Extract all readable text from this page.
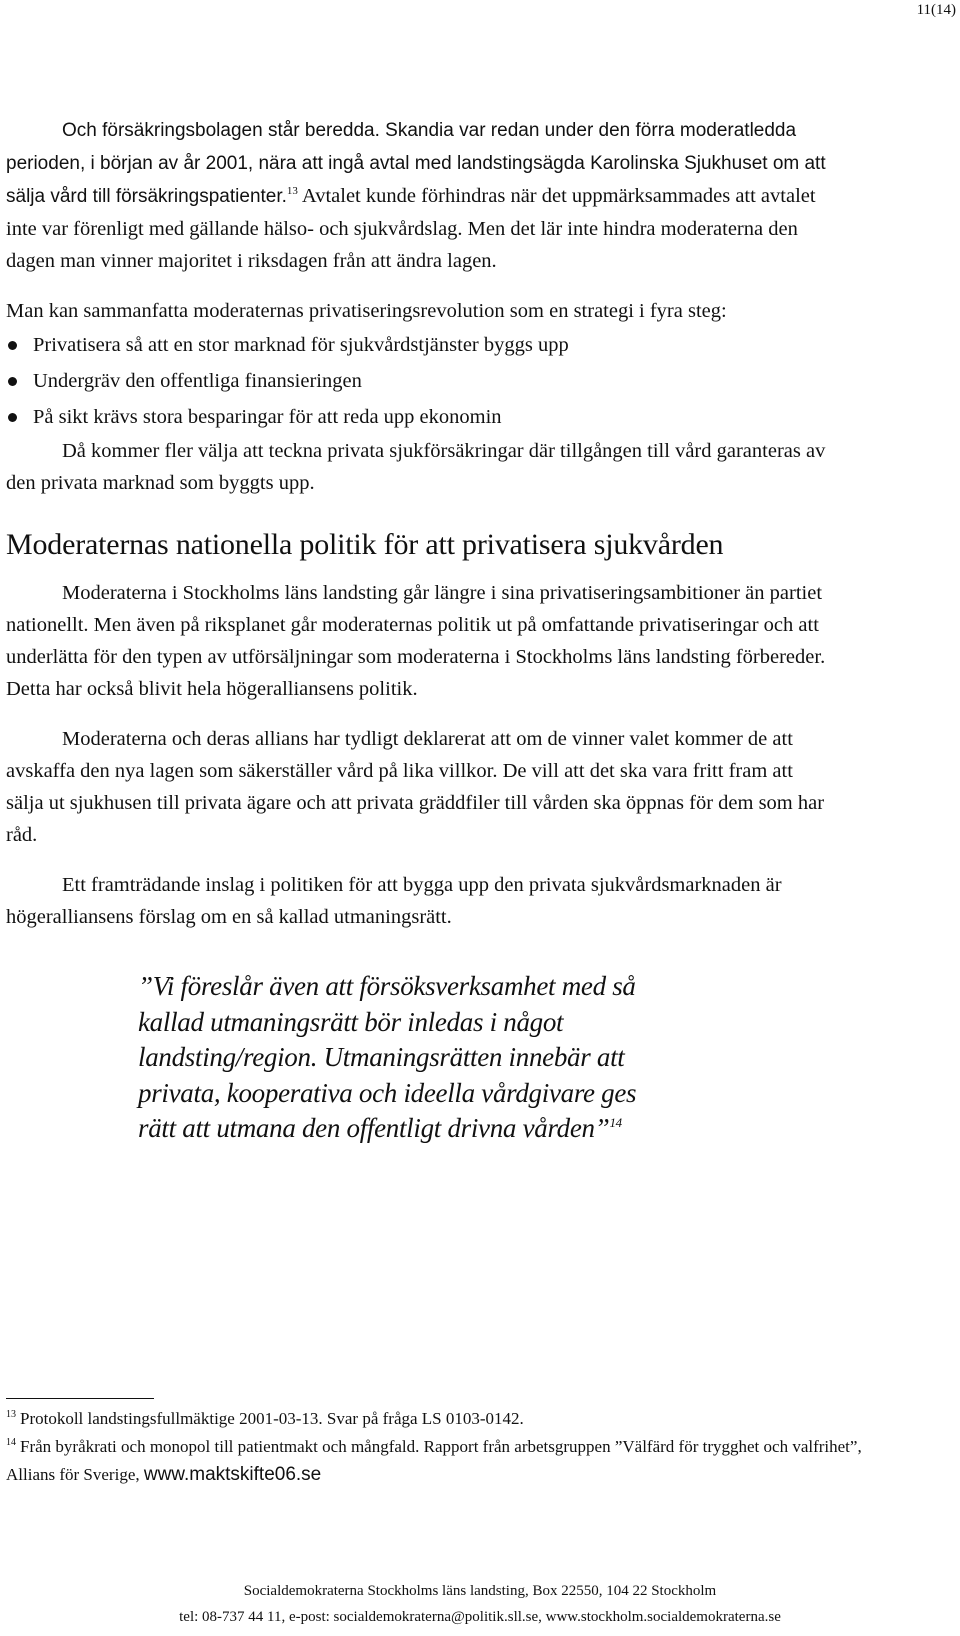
11(14)

Och försäkringsbolagen står beredda. Skandia var redan under den förra moderatledda perioden, i början av år 2001, nära att ingå avtal med landstingsägda Karolinska Sjukhuset om att sälja vård till försäkringspatienter.$^{13}$ Avtalet kunde förhindras när det uppmärksammades att avtalet inte var förenligt med gällande hälso- och sjukvårdslag. Men det lär inte hindra moderaterna den dagen man vinner majoritet i riksdagen från att ändra lagen.

Man kan sammanfatta moderaternas privatiseringsrevolution som en strategi i fyra steg:

Privatisera så att en stor marknad för sjukvårdstjänster byggs upp
Undergräv den offentliga finansieringen
På sikt krävs stora besparingar för att reda upp ekonomin

Då kommer fler välja att teckna privata sjukförsäkringar där tillgången till vård garanteras av den privata marknad som byggts upp.

Moderaternas nationella politik för att privatisera sjukvården

Moderaterna i Stockholms läns landsting går längre i sina privatiseringsambitioner än partiet nationellt. Men även på riksplanet går moderaternas politik ut på omfattande privatiseringar och att underlätta för den typen av utförsäljningar som moderaterna i Stockholms läns landsting förbereder. Detta har också blivit hela högeralliansens politik.

Moderaterna och deras allians har tydligt deklarerat att om de vinner valet kommer de att avskaffa den nya lagen som säkerställer vård på lika villkor. De vill att det ska vara fritt fram att sälja ut sjukhusen till privata ägare och att privata gräddfiler till vården ska öppnas för dem som har råd.

Ett framträdande inslag i politiken för att bygga upp den privata sjukvårdsmarknaden är högeralliansens förslag om en så kallad utmaningsrätt.

”Vi föreslår även att försöksverksamhet med så kallad utmaningsrätt bör inledas i något landsting/region. Utmaningsrätten innebär att privata, kooperativa och ideella vårdgivare ges rätt att utmana den offentligt drivna vården”$^{14}$
$^{13}$ Protokoll landstingsfullmäktige 2001-03-13. Svar på fråga LS 0103-0142.
$^{14}$ Från byråkrati och monopol till patientmakt och mångfald. Rapport från arbetsgruppen ”Välfärd för trygghet och valfrihet”, Allians för Sverige, www.maktskifte06.se
Socialdemokraterna Stockholms läns landsting, Box 22550, 104 22 Stockholm
tel: 08-737 44 11, e-post: socialdemokraterna@politik.sll.se, www.stockholm.socialdemokraterna.se
